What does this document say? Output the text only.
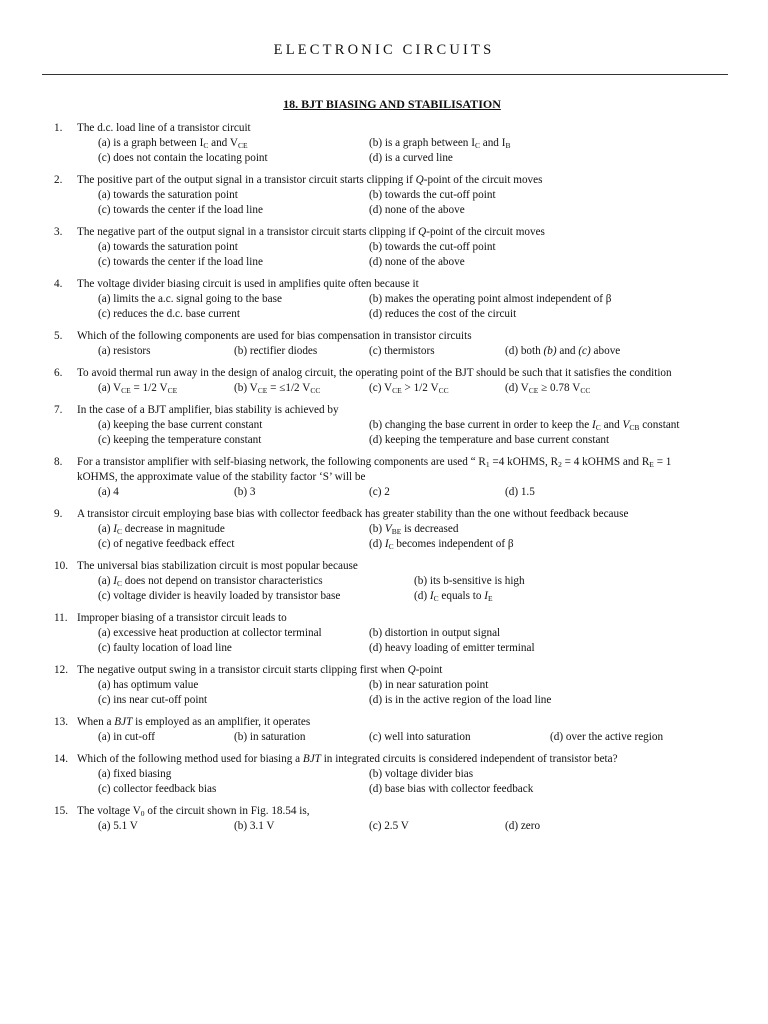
ELECTRONIC CIRCUITS
18. BJT BIASING AND STABILISATION
1. The d.c. load line of a transistor circuit
(a) is a graph between $I_C$ and $V_{CE}$	(b) is a graph between $I_C$ and $I_B$
(c) does not contain the locating point	(d) is a curved line
2. The positive part of the output signal in a transistor circuit starts clipping if Q-point of the circuit moves
(a) towards the saturation point	(b) towards the cut-off point
(c) towards the center if the load line	(d) none of the above
3. The negative part of the output signal in a transistor circuit starts clipping if Q-point of the circuit moves
(a) towards the saturation point	(b) towards the cut-off point
(c) towards the center if the load line	(d) none of the above
4. The voltage divider biasing circuit is used in amplifies quite often because it
(a) limits the a.c. signal going to the base	(b) makes the operating point almost independent of β
(c) reduces the d.c. base current	(d) reduces the cost of the circuit
5. Which of the following components are used for bias compensation in transistor circuits
(a) resistors	(b) rectifier diodes	(c) thermistors	(d) both (b) and (c) above
6. To avoid thermal run away in the design of analog circuit, the operating point of the BJT should be such that it satisfies the condition
(a) $V_{CE} = 1/2$ $V_{CE}$	(b) $V_{CE} = \le 1/2$ $V_{CC}$	(c) $V_{CE} > 1/2$ $V_{CC}$	(d) $V_{CE} \ge 0.78$ $V_{CC}$
7. In the case of a BJT amplifier, bias stability is achieved by
(a) keeping the base current constant	(b) changing the base current in order to keep the $I_C$ and $V_{CB}$ constant
(c) keeping the temperature constant	(d) keeping the temperature and base current constant
8. For a transistor amplifier with self-biasing network, the following components are used “ $R_1 =4$ kOHMS, $R_2 = 4$ kOHMS and $R_E = 1$ kOHMS, the approximate value of the stability factor ‘S’ will be
(a) 4	(b) 3	(c) 2	(d) 1.5
9. A transistor circuit employing base bias with collector feedback has greater stability than the one without feedback because
(a) $I_C$ decrease in magnitude	(b) $V_{BE}$ is decreased
(c) of negative feedback effect	(d) $I_C$ becomes independent of β
10. The universal bias stabilization circuit is most popular because
(a) $I_C$ does not depend on transistor characteristics	(b) its b-sensitive is high
(c) voltage divider is heavily loaded by transistor base	(d) $I_C$ equals to $I_E$
11. Improper biasing of a transistor circuit leads to
(a) excessive heat production at collector terminal	(b) distortion in output signal
(c) faulty location of load line	(d) heavy loading of emitter terminal
12. The negative output swing in a transistor circuit starts clipping first when Q-point
(a) has optimum value	(b) in near saturation point
(c) ins near cut-off point	(d) is in the active region of the load line
13. When a BJT is employed as an amplifier, it operates
(a) in cut-off	(b) in saturation	(c) well into saturation	(d) over the active region
14. Which of the following method used for biasing a BJT in integrated circuits is considered independent of transistor beta?
(a) fixed biasing	(b) voltage divider bias
(c) collector feedback bias	(d) base bias with collector feedback
15. The voltage $V_0$ of the circuit shown in Fig. 18.54 is,
(a) 5.1 V	(b) 3.1 V	(c) 2.5 V	(d) zero
